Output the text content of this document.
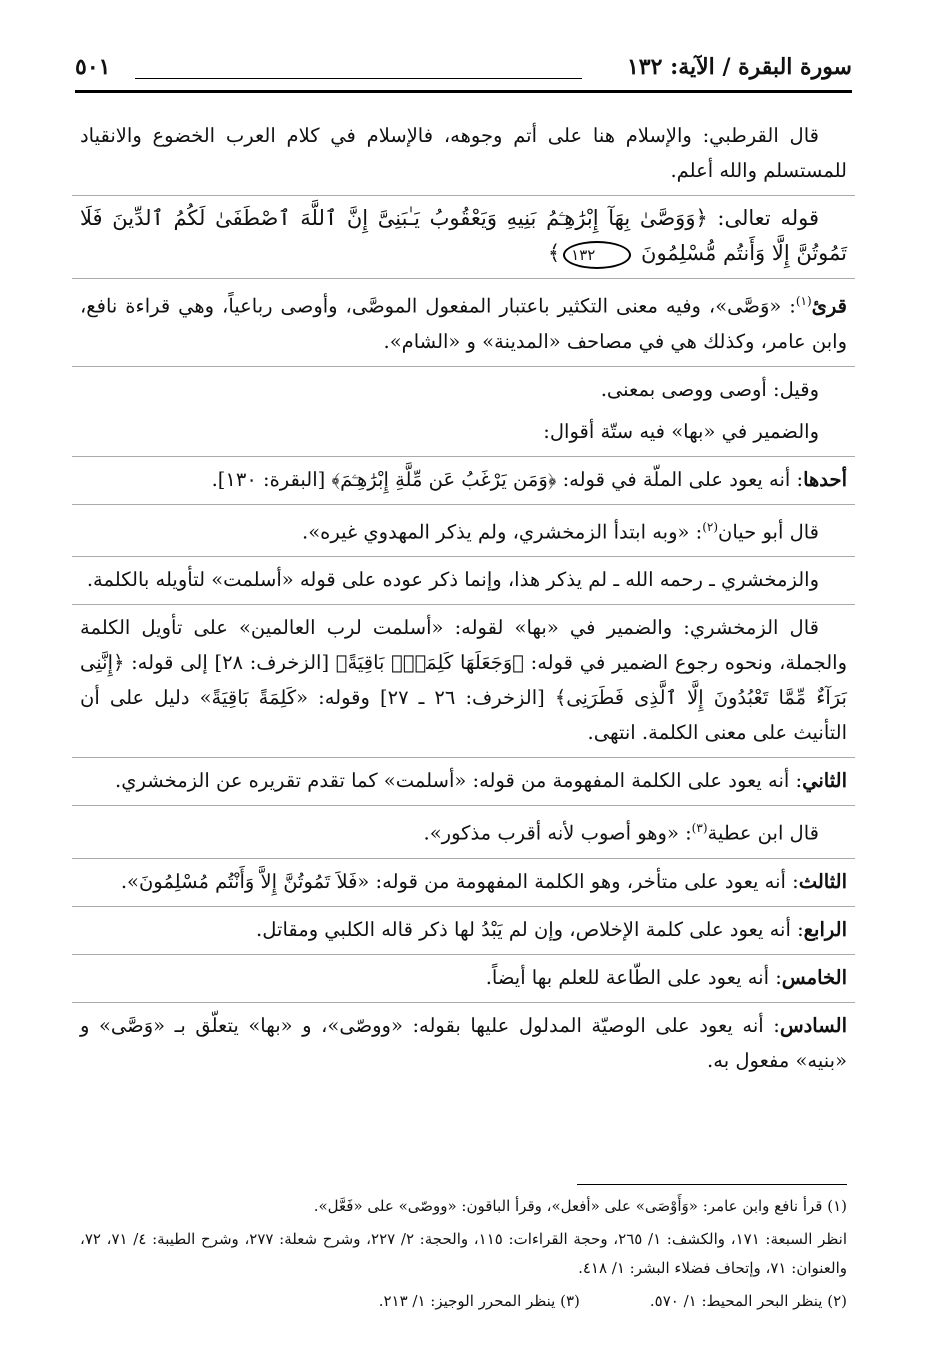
سورة البقرة / الآية: ١٣٢
٥٠١

قال القرطبي: والإسلام هنا على أتم وجوهه، فالإسلام في كلام العرب الخضوع والانقياد للمستسلم والله أعلم.

قوله تعالى: ﴿وَوَصَّىٰ بِهَآ إِبْرَٰهِـۧمُ بَنِيهِ وَيَعْقُوبُ يَـٰبَنِىَّ إِنَّ ٱللَّهَ ٱصْطَفَىٰ لَكُمُ ٱلدِّينَ فَلَا تَمُوتُنَّ إِلَّا وَأَنتُم مُّسْلِمُونَ ١٣٢﴾

قرئ$^{(١)}$: «وَصَّى»، وفيه معنى التكثير باعتبار المفعول الموصَّى، وأوصى رباعياً، وهي قراءة نافع، وابن عامر، وكذلك هي في مصاحف «المدينة» و «الشام».

وقيل: أوصى ووصى بمعنى.

والضمير في «بها» فيه ستّة أقوال:

أحدها: أنه يعود على الملّة في قوله: ﴿وَمَن يَرْغَبُ عَن مِّلَّةِ إِبْرَٰهِـۧمَ﴾ [البقرة: ١٣٠].

قال أبو حيان$^{(٢)}$: «وبه ابتدأ الزمخشري، ولم يذكر المهدوي غيره».

والزمخشري ـ رحمه الله ـ لم يذكر هذا، وإنما ذكر عوده على قوله «أسلمت» لتأويله بالكلمة.

قال الزمخشري: والضمير في «بها» لقوله: «أسلمت لرب العالمين» على تأويل الكلمة والجملة، ونحوه رجوع الضمير في قوله: ﴿وَجَعَلَهَا كَلِمَةًۢ بَاقِيَةً﴾ [الزخرف: ٢٨] إلى قوله: ﴿إِنَّنِى بَرَآءٌ مِّمَّا تَعْبُدُونَ إِلَّا ٱلَّذِى فَطَرَنِى﴾ [الزخرف: ٢٦ ـ ٢٧] وقوله: «كَلِمَةً بَاقِيَةً» دليل على أن التأنيث على معنى الكلمة. انتهى.

الثاني: أنه يعود على الكلمة المفهومة من قوله: «أسلمت» كما تقدم تقريره عن الزمخشري.

قال ابن عطية$^{(٣)}$: «وهو أصوب لأنه أقرب مذكور».

الثالث: أنه يعود على متأخر، وهو الكلمة المفهومة من قوله: «فَلاَ تَمُوتُنَّ إِلاَّ وَأَنْتُم مُسْلِمُونَ».

الرابع: أنه يعود على كلمة الإخلاص، وإن لم يَبْدُ لها ذكر قاله الكلبي ومقاتل.

الخامس: أنه يعود على الطّاعة للعلم بها أيضاً.

السادس: أنه يعود على الوصيّة المدلول عليها بقوله: «ووصّى»، و «بها» يتعلّق بـ «وَصَّى» و «بنيه» مفعول به.

(١) قرأ نافع وابن عامر: «وَأَوْصَى» على «أفعل»، وقرأ الباقون: «ووصّى» على «فَعَّل».

انظر السبعة: ١٧١، والكشف: ١/ ٢٦٥، وحجة القراءات: ١١٥، والحجة: ٢/ ٢٢٧، وشرح شعلة: ٢٧٧، وشرح الطيبة: ٤/ ٧١، ٧٢، والعنوان: ٧١، وإتحاف فضلاء البشر: ١/ ٤١٨.

(٢) ينظر البحر المحيط: ١/ ٥٧٠.
(٣) ينظر المحرر الوجيز: ١/ ٢١٣.
